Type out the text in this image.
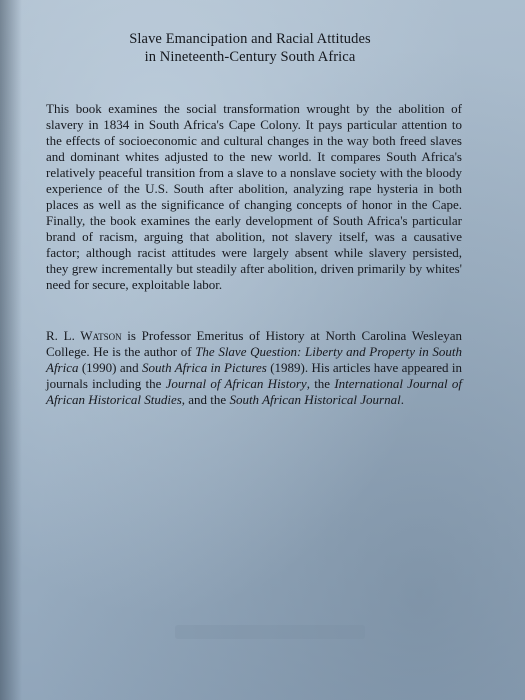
Slave Emancipation and Racial Attitudes
in Nineteenth-Century South Africa

This book examines the social transformation wrought by the abolition of slavery in 1834 in South Africa's Cape Colony. It pays particular attention to the effects of socioeconomic and cultural changes in the way both freed slaves and dominant whites adjusted to the new world. It compares South Africa's relatively peaceful transition from a slave to a nonslave society with the bloody experience of the U.S. South after abolition, analyzing rape hysteria in both places as well as the significance of changing concepts of honor in the Cape. Finally, the book examines the early development of South Africa's particular brand of racism, arguing that abolition, not slavery itself, was a causative factor; although racist attitudes were largely absent while slavery persisted, they grew incrementally but steadily after abolition, driven primarily by whites' need for secure, exploitable labor.

R. L. Watson is Professor Emeritus of History at North Carolina Wesleyan College. He is the author of The Slave Question: Liberty and Property in South Africa (1990) and South Africa in Pictures (1989). His articles have appeared in journals including the Journal of African History, the International Journal of African Historical Studies, and the South African Historical Journal.
